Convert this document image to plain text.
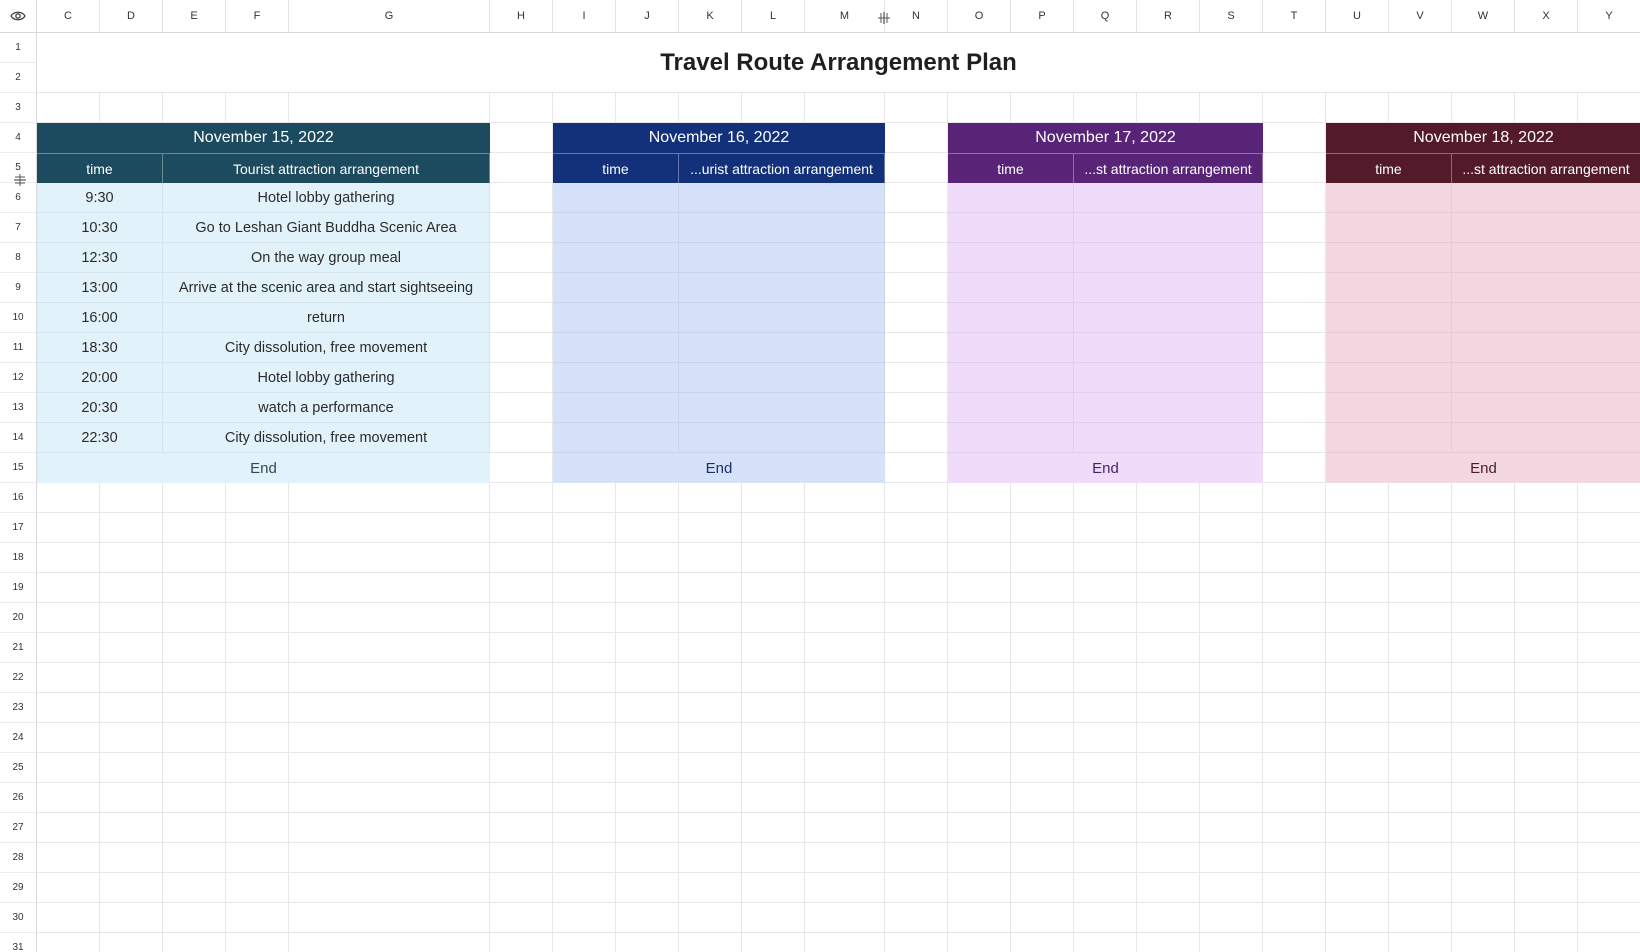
C	D	E	F	G	H	I	J	K	L	M	N	O	P	Q	R	S	T	U	V	W	X	Y
1
2
3
4
5
6
7
8
9
10
11
12
13
14
15
16
17
18
19
20
21
22
23
24
25
26
27
28
29
30
31
Travel Route Arrangement Plan
November 15, 2022
time	Tourist attraction arrangement
9:30	Hotel lobby gathering
10:30	Go to Leshan Giant Buddha Scenic Area
12:30	On the way group meal
13:00	Arrive at the scenic area and start sightseeing
16:00	return
18:30	City dissolution, free movement
20:00	Hotel lobby gathering
20:30	watch a performance
22:30	City dissolution, free movement
End
November 16, 2022
time	...urist attraction arrangement
End
November 17, 2022
time	...st attraction arrangement
End
November 18, 2022
time	...st attraction arrangement
End
